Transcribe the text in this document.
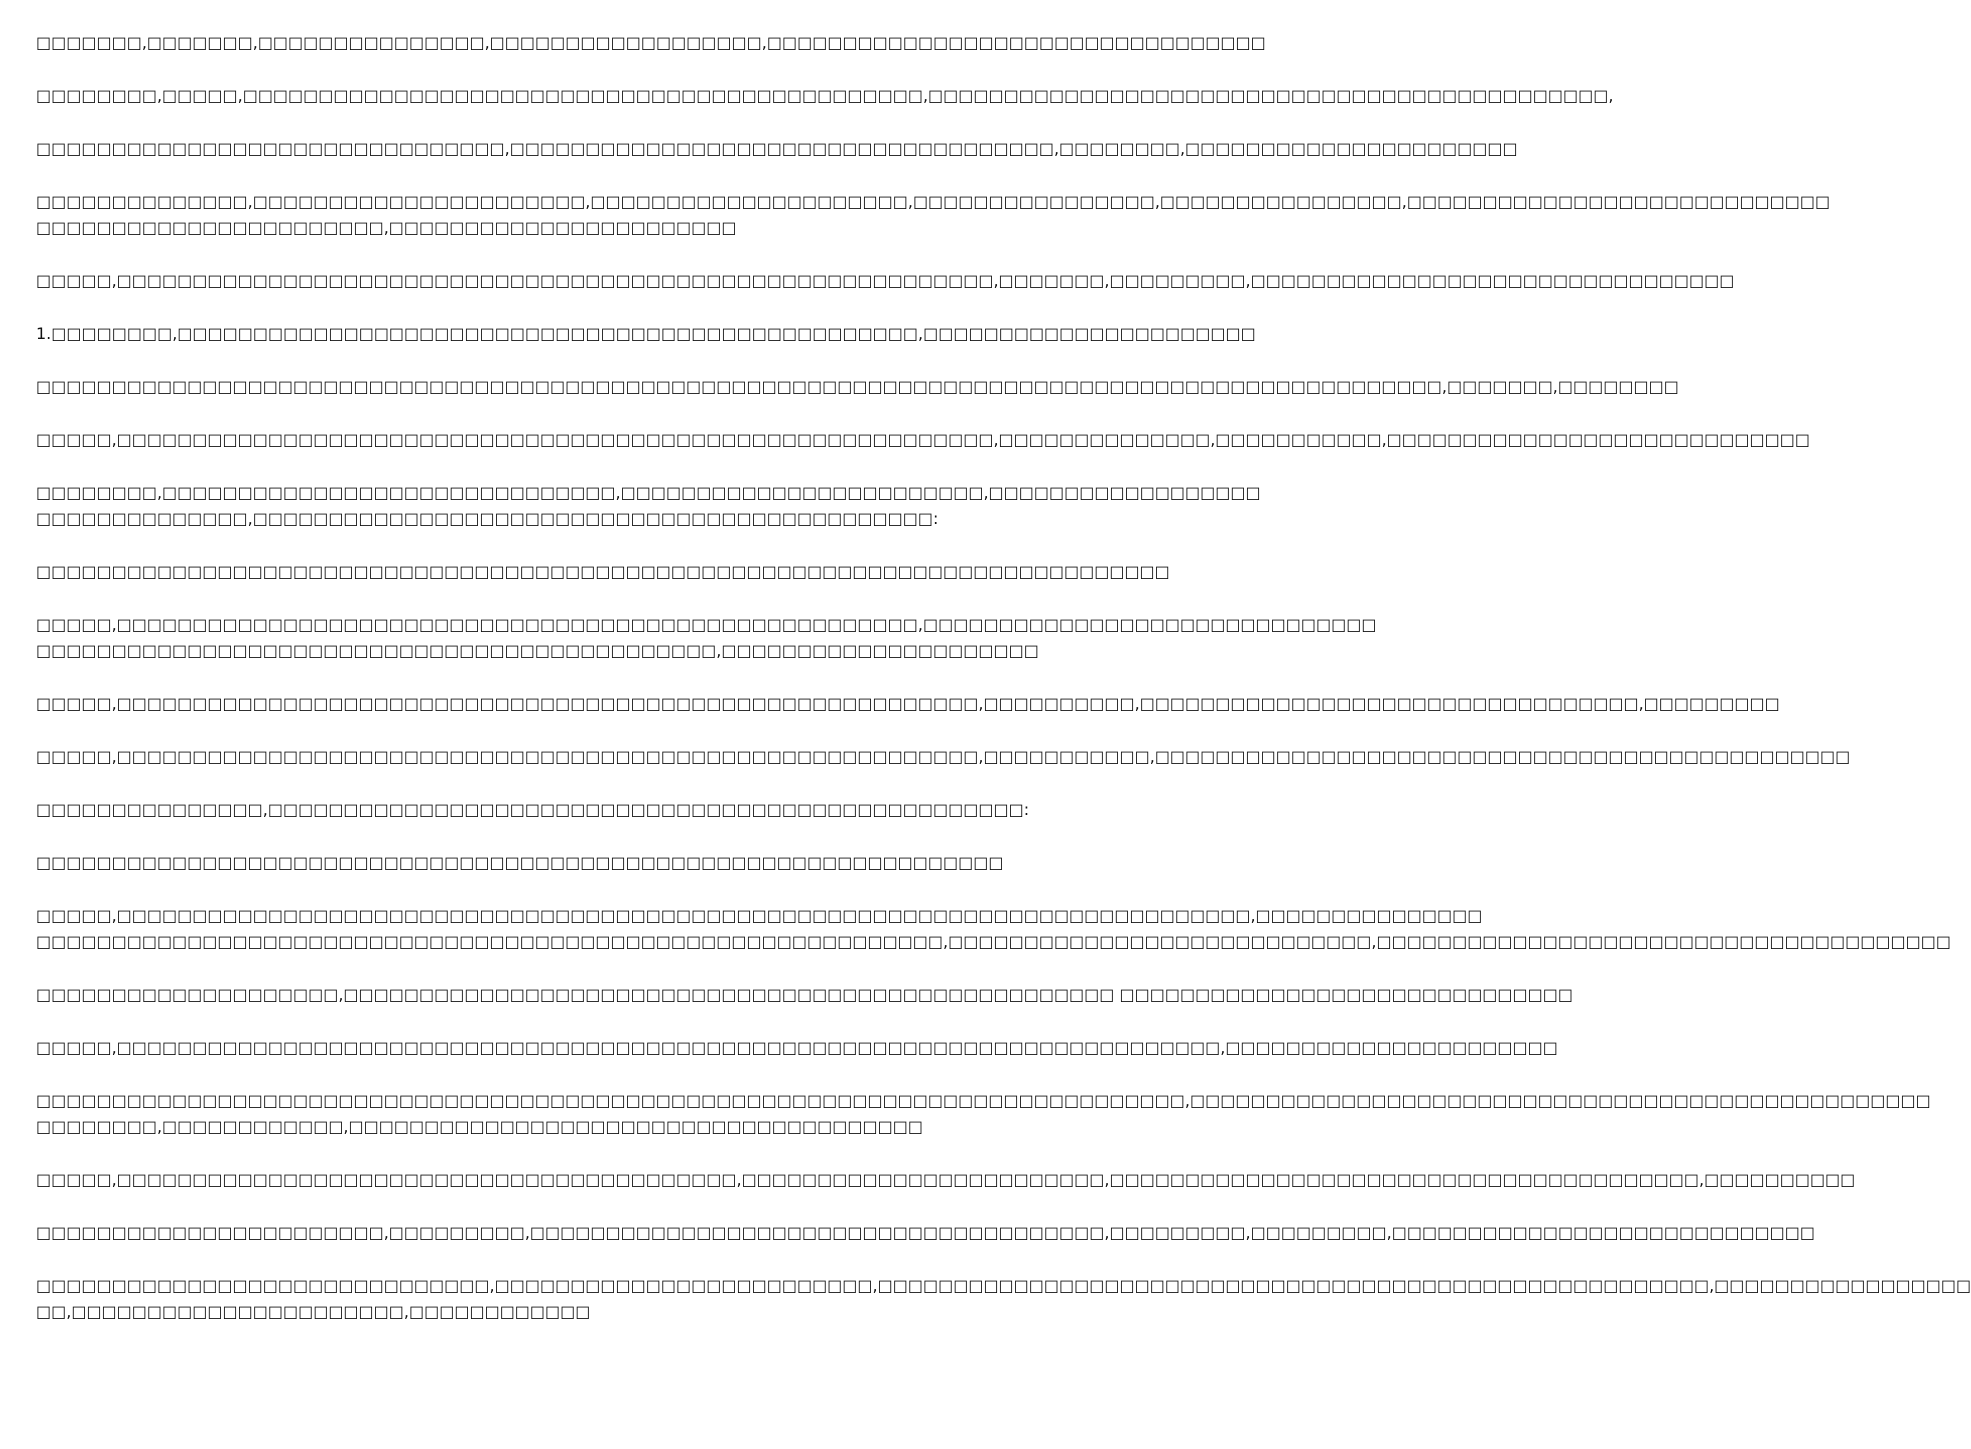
□□□□□□□,□□□□□□□,□□□□□□□□□□□□□□□,□□□□□□□□□□□□□□□□□□,□□□□□□□□□□□□□□□□□□□□□□□□□□□□□□□□□

□□□□□□□□,□□□□□,□□□□□□□□□□□□□□□□□□□□□□□□□□□□□□□□□□□□□□□□□□□□□,□□□□□□□□□□□□□□□□□□□□□□□□□□□□□□□□□□□□□□□□□□□□□,

□□□□□□□□□□□□□□□□□□□□□□□□□□□□□□□,□□□□□□□□□□□□□□□□□□□□□□□□□□□□□□□□□□□□,□□□□□□□□,□□□□□□□□□□□□□□□□□□□□□□

□□□□□□□□□□□□□□,□□□□□□□□□□□□□□□□□□□□□□,□□□□□□□□□□□□□□□□□□□□□,□□□□□□□□□□□□□□□□,□□□□□□□□□□□□□□□□,□□□□□□□□□□□□□□□□□□□□□□□□□□□□
□□□□□□□□□□□□□□□□□□□□□□□,□□□□□□□□□□□□□□□□□□□□□□□

□□□□□,□□□□□□□□□□□□□□□□□□□□□□□□□□□□□□□□□□□□□□□□□□□□□□□□□□□□□□□□□□,□□□□□□□,□□□□□□□□□,□□□□□□□□□□□□□□□□□□□□□□□□□□□□□□□□

1.□□□□□□□□,□□□□□□□□□□□□□□□□□□□□□□□□□□□□□□□□□□□□□□□□□□□□□□□□□,□□□□□□□□□□□□□□□□□□□□□□

□□□□□□□□□□□□□□□□□□□□□□□□□□□□□□□□□□□□□□□□□□□□□□□□□□□□□□□□□□□□□□□□□□□□□□□□□□□□□□□□□□□□□□□□□□□□□,□□□□□□□,□□□□□□□□

□□□□□,□□□□□□□□□□□□□□□□□□□□□□□□□□□□□□□□□□□□□□□□□□□□□□□□□□□□□□□□□□,□□□□□□□□□□□□□□,□□□□□□□□□□□,□□□□□□□□□□□□□□□□□□□□□□□□□□□□

□□□□□□□□,□□□□□□□□□□□□□□□□□□□□□□□□□□□□□□,□□□□□□□□□□□□□□□□□□□□□□□□,□□□□□□□□□□□□□□□□□□
□□□□□□□□□□□□□□,□□□□□□□□□□□□□□□□□□□□□□□□□□□□□□□□□□□□□□□□□□□□□:

□□□□□□□□□□□□□□□□□□□□□□□□□□□□□□□□□□□□□□□□□□□□□□□□□□□□□□□□□□□□□□□□□□□□□□□□□□□

□□□□□,□□□□□□□□□□□□□□□□□□□□□□□□□□□□□□□□□□□□□□□□□□□□□□□□□□□□□,□□□□□□□□□□□□□□□□□□□□□□□□□□□□□□
□□□□□□□□□□□□□□□□□□□□□□□□□□□□□□□□□□□□□□□□□□□□□,□□□□□□□□□□□□□□□□□□□□□

□□□□□,□□□□□□□□□□□□□□□□□□□□□□□□□□□□□□□□□□□□□□□□□□□□□□□□□□□□□□□□□,□□□□□□□□□□,□□□□□□□□□□□□□□□□□□□□□□□□□□□□□□□□□,□□□□□□□□□

□□□□□,□□□□□□□□□□□□□□□□□□□□□□□□□□□□□□□□□□□□□□□□□□□□□□□□□□□□□□□□□,□□□□□□□□□□□,□□□□□□□□□□□□□□□□□□□□□□□□□□□□□□□□□□□□□□□□□□□□□□

□□□□□□□□□□□□□□□,□□□□□□□□□□□□□□□□□□□□□□□□□□□□□□□□□□□□□□□□□□□□□□□□□□:

□□□□□□□□□□□□□□□□□□□□□□□□□□□□□□□□□□□□□□□□□□□□□□□□□□□□□□□□□□□□□□□□

□□□□□,□□□□□□□□□□□□□□□□□□□□□□□□□□□□□□□□□□□□□□□□□□□□□□□□□□□□□□□□□□□□□□□□□□□□□□□□□□□,□□□□□□□□□□□□□□□
□□□□□□□□□□□□□□□□□□□□□□□□□□□□□□□□□□□□□□□□□□□□□□□□□□□□□□□□□□□□,□□□□□□□□□□□□□□□□□□□□□□□□□□□□,□□□□□□□□□□□□□□□□□□□□□□□□□□□□□□□□□□□□□□

□□□□□□□□□□□□□□□□□□□□,□□□□□□□□□□□□□□□□□□□□□□□□□□□□□□□□□□□□□□□□□□□□□□□□□□□ □□□□□□□□□□□□□□□□□□□□□□□□□□□□□□

□□□□□,□□□□□□□□□□□□□□□□□□□□□□□□□□□□□□□□□□□□□□□□□□□□□□□□□□□□□□□□□□□□□□□□□□□□□□□□□,□□□□□□□□□□□□□□□□□□□□□□

□□□□□□□□□□□□□□□□□□□□□□□□□□□□□□□□□□□□□□□□□□□□□□□□□□□□□□□□□□□□□□□□□□□□□□□□□□□□,□□□□□□□□□□□□□□□□□□□□□□□□□□□□□□□□□□□□□□□□□□□□□□□□□
□□□□□□□□,□□□□□□□□□□□□,□□□□□□□□□□□□□□□□□□□□□□□□□□□□□□□□□□□□□□

□□□□□,□□□□□□□□□□□□□□□□□□□□□□□□□□□□□□□□□□□□□□□□□,□□□□□□□□□□□□□□□□□□□□□□□□,□□□□□□□□□□□□□□□□□□□□□□□□□□□□□□□□□□□□□□□,□□□□□□□□□□

□□□□□□□□□□□□□□□□□□□□□□□,□□□□□□□□□,□□□□□□□□□□□□□□□□□□□□□□□□□□□□□□□□□□□□□□,□□□□□□□□□,□□□□□□□□□,□□□□□□□□□□□□□□□□□□□□□□□□□□□□

□□□□□□□□□□□□□□□□□□□□□□□□□□□□□□,□□□□□□□□□□□□□□□□□□□□□□□□□,□□□□□□□□□□□□□□□□□□□□□□□□□□□□□□□□□□□□□□□□□□□□□□□□□□□□□□□,□□□□□□□□□□□□□□□□□
□□,□□□□□□□□□□□□□□□□□□□□□□,□□□□□□□□□□□□
